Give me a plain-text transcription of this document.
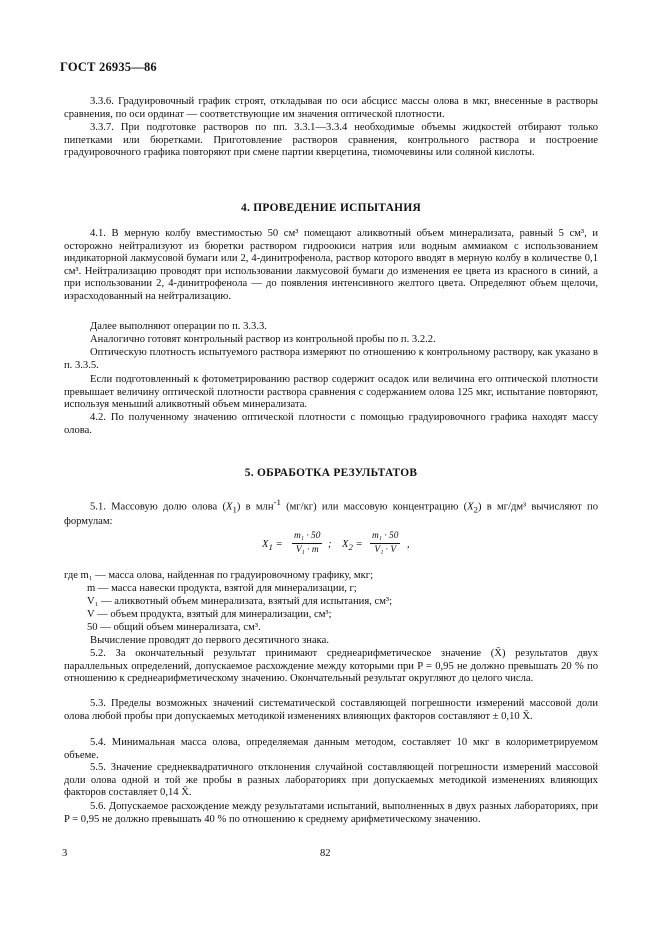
ГОСТ 26935—86
3.3.6. Градуировочный график строят, откладывая по оси абсцисс массы олова в мкг, внесенные в растворы сравнения, по оси ординат — соответствующие им значения оптической плотности.
3.3.7. При подготовке растворов по пп. 3.3.1—3.3.4 необходимые объемы жидкостей отбирают только пипетками или бюретками. Приготовление растворов сравнения, контрольного раствора и построение градуировочного графика повторяют при смене партии кверцетина, тиомочевины или соляной кислоты.
4. ПРОВЕДЕНИЕ ИСПЫТАНИЯ
4.1. В мерную колбу вместимостью 50 см³ помещают аликвотный объем минерализата, равный 5 см³, и осторожно нейтрализуют из бюретки раствором гидроокиси натрия или водным аммиаком с использованием индикаторной лакмусовой бумаги или 2, 4-динитрофенола, раствор которого вводят в мерную колбу в количестве 0,1 см³. Нейтрализацию проводят при использовании лакмусовой бумаги до изменения ее цвета из красного в синий, а при использовании 2, 4-динитрофенола — до появления интенсивного желтого цвета. Определяют объем щелочи, израсходованный на нейтрализацию.
Далее выполняют операции по п. 3.3.3.
Аналогично готовят контрольный раствор из контрольной пробы по п. 3.2.2.
Оптическую плотность испытуемого раствора измеряют по отношению к контрольному раствору, как указано в п. 3.3.5.
Если подготовленный к фотометрированию раствор содержит осадок или величина его оптической плотности превышает величину оптической плотности раствора сравнения с содержанием олова 125 мкг, испытание повторяют, используя меньший аликвотный объем минерализата.
4.2. По полученному значению оптической плотности с помощью градуировочного графика находят массу олова.
5. ОБРАБОТКА РЕЗУЛЬТАТОВ
5.1. Массовую долю олова $(X_1)$ в млн$^{-1}$ (мг/кг) или массовую концентрацию $(X_2)$ в мг/дм³ вычисляют по формулам:
$X_1 = \frac{\text{m₁ · 50}}{\text{V₁ · m}}$ ; $X_2 = \frac{\text{m₁ · 50}}{\text{V₁ · V}}$ ,
где m₁ — масса олова, найденная по градуировочному графику, мкг;
m — масса навески продукта, взятой для минерализации, г;
V₁ — аликвотный объем минерализата, взятый для испытания, см³;
V — объем продукта, взятый для минерализации, см³;
50 — общий объем минерализата, см³.
Вычисление проводят до первого десятичного знака.
5.2. За окончательный результат принимают среднеарифметическое значение (X̄) результатов двух параллельных определений, допускаемое расхождение между которыми при P = 0,95 не должно превышать 20 % по отношению к среднеарифметическому значению. Окончательный результат округляют до целого числа.
5.3. Пределы возможных значений систематической составляющей погрешности измерений массовой доли олова любой пробы при допускаемых методикой изменениях влияющих факторов составляют ± 0,10 X̄.
5.4. Минимальная масса олова, определяемая данным методом, составляет 10 мкг в колориметрируемом объеме.
5.5. Значение среднеквадратичного отклонения случайной составляющей погрешности измерений массовой доли олова одной и той же пробы в разных лабораториях при допускаемых методикой изменениях влияющих факторов составляет 0,14 X̄.
5.6. Допускаемое расхождение между результатами испытаний, выполненных в двух разных лабораториях, при P = 0,95 не должно превышать 40 % по отношению к среднему арифметическому значению.
3	82
